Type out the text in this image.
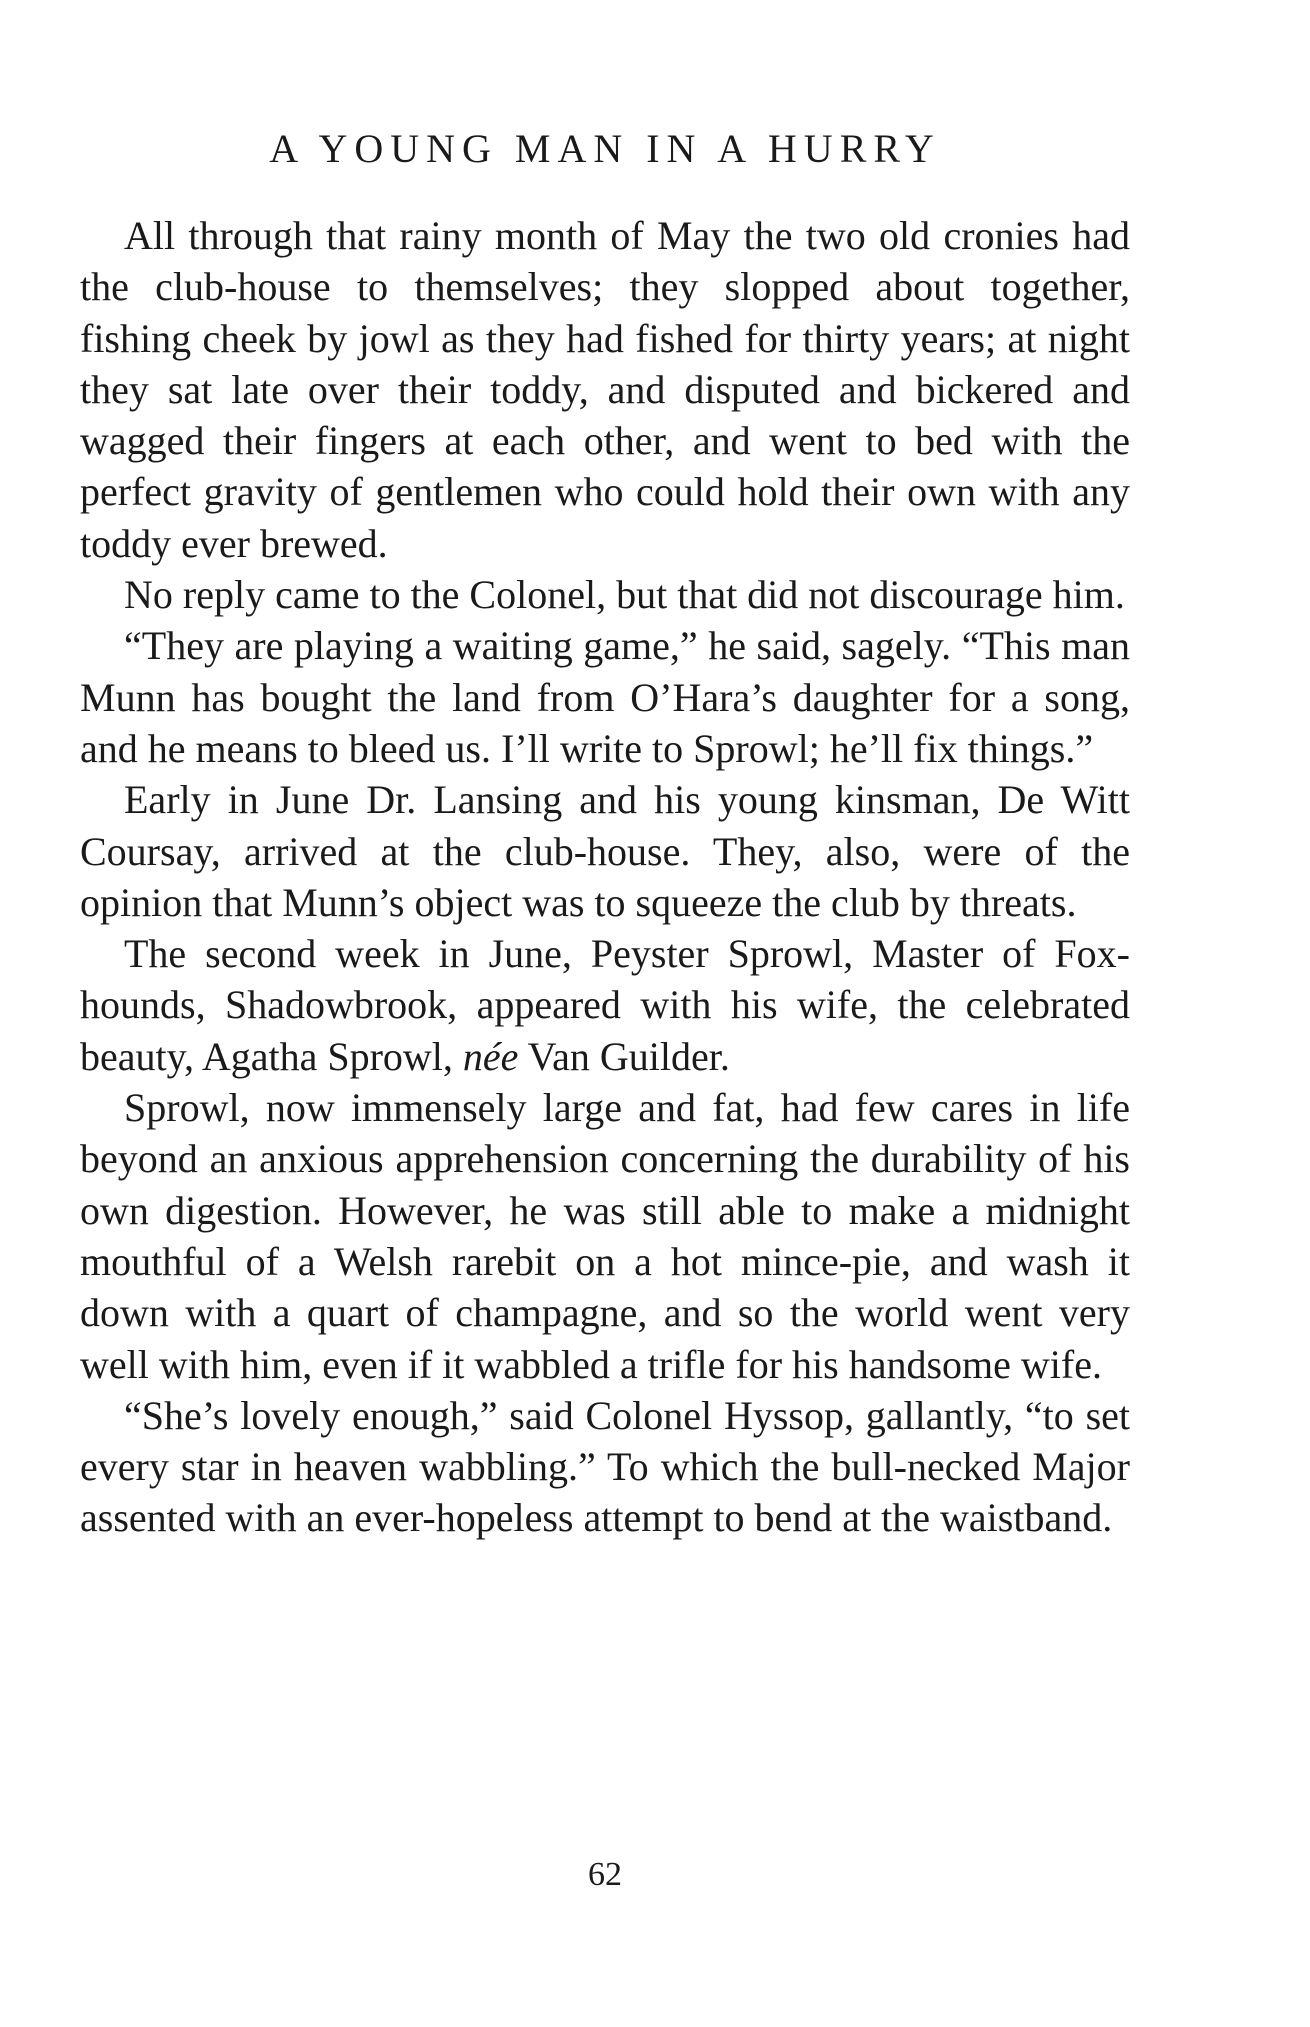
A YOUNG MAN IN A HURRY

All through that rainy month of May the two old cronies had the club-house to themselves; they slopped about together, fishing cheek by jowl as they had fished for thirty years; at night they sat late over their toddy, and disputed and bickered and wagged their fingers at each other, and went to bed with the perfect gravity of gentlemen who could hold their own with any toddy ever brewed.

No reply came to the Colonel, but that did not discourage him.

“They are playing a waiting game,” he said, sagely. “This man Munn has bought the land from O’Hara’s daughter for a song, and he means to bleed us. I’ll write to Sprowl; he’ll fix things.”

Early in June Dr. Lansing and his young kinsman, De Witt Coursay, arrived at the club-house. They, also, were of the opinion that Munn’s object was to squeeze the club by threats.

The second week in June, Peyster Sprowl, Master of Fox-hounds, Shadowbrook, appeared with his wife, the celebrated beauty, Agatha Sprowl, née Van Guilder.

Sprowl, now immensely large and fat, had few cares in life beyond an anxious apprehension concerning the durability of his own digestion. However, he was still able to make a midnight mouthful of a Welsh rarebit on a hot mince-pie, and wash it down with a quart of champagne, and so the world went very well with him, even if it wabbled a trifle for his handsome wife.

“She’s lovely enough,” said Colonel Hyssop, gallantly, “to set every star in heaven wabbling.” To which the bull-necked Major assented with an ever-hopeless attempt to bend at the waistband.

62
